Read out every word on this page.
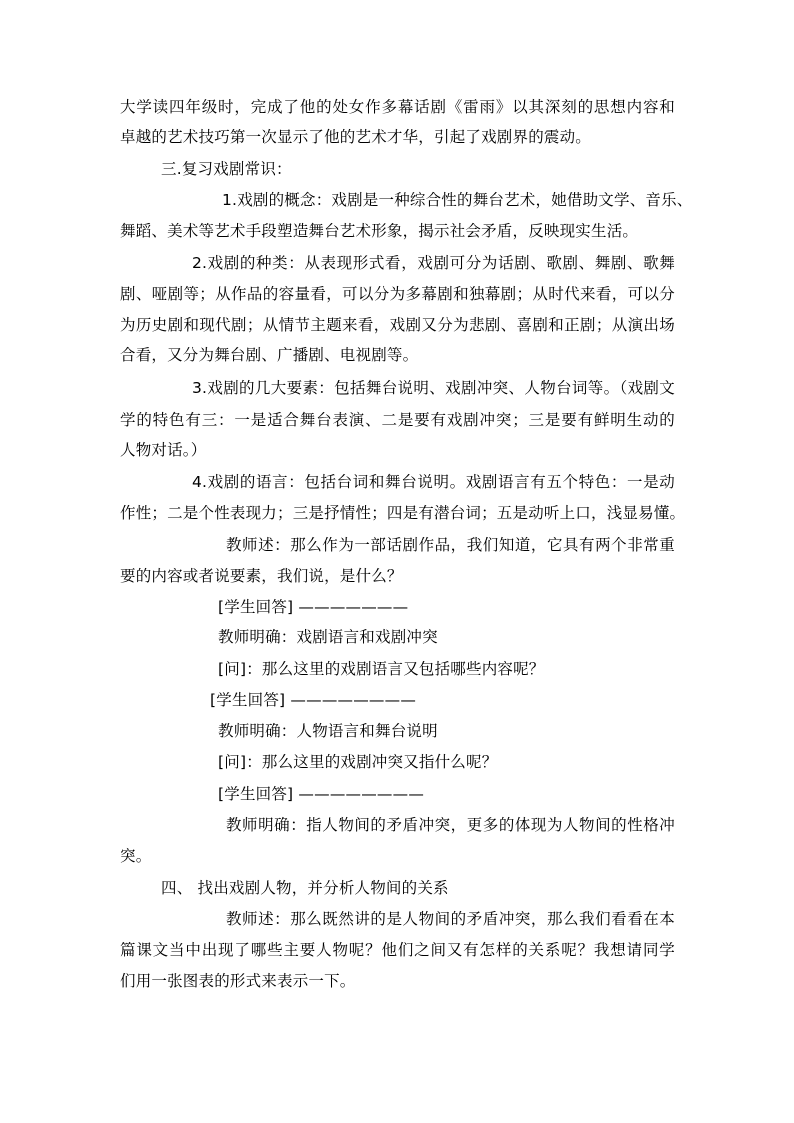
大学读四年级时，完成了他的处女作多幕话剧《雷雨》以其深刻的思想内容和
卓越的艺术技巧第一次显示了他的艺术才华，引起了戏剧界的震动。
三.复习戏剧常识：
1.戏剧的概念：戏剧是一种综合性的舞台艺术，她借助文学、音乐、
舞蹈、美术等艺术手段塑造舞台艺术形象，揭示社会矛盾，反映现实生活。
2.戏剧的种类：从表现形式看，戏剧可分为话剧、歌剧、舞剧、歌舞
剧、哑剧等；从作品的容量看，可以分为多幕剧和独幕剧；从时代来看，可以分
为历史剧和现代剧；从情节主题来看，戏剧又分为悲剧、喜剧和正剧；从演出场
合看，又分为舞台剧、广播剧、电视剧等。
3.戏剧的几大要素：包括舞台说明、戏剧冲突、人物台词等。（戏剧文
学的特色有三：一是适合舞台表演、二是要有戏剧冲突；三是要有鲜明生动的
人物对话。）
4.戏剧的语言：包括台词和舞台说明。戏剧语言有五个特色：一是动
作性；二是个性表现力；三是抒情性；四是有潜台词；五是动听上口，浅显易懂。
教师述：那么作为一部话剧作品，我们知道，它具有两个非常重
要的内容或者说要素，我们说，是什么？
[学生回答] ———————
教师明确：戏剧语言和戏剧冲突
[问]：那么这里的戏剧语言又包括哪些内容呢？
[学生回答] ————————
教师明确：人物语言和舞台说明
[问]：那么这里的戏剧冲突又指什么呢？
[学生回答] ————————
教师明确：指人物间的矛盾冲突，更多的体现为人物间的性格冲
突。
四、 找出戏剧人物，并分析人物间的关系
教师述：那么既然讲的是人物间的矛盾冲突，那么我们看看在本
篇课文当中出现了哪些主要人物呢？他们之间又有怎样的关系呢？我想请同学
们用一张图表的形式来表示一下。
